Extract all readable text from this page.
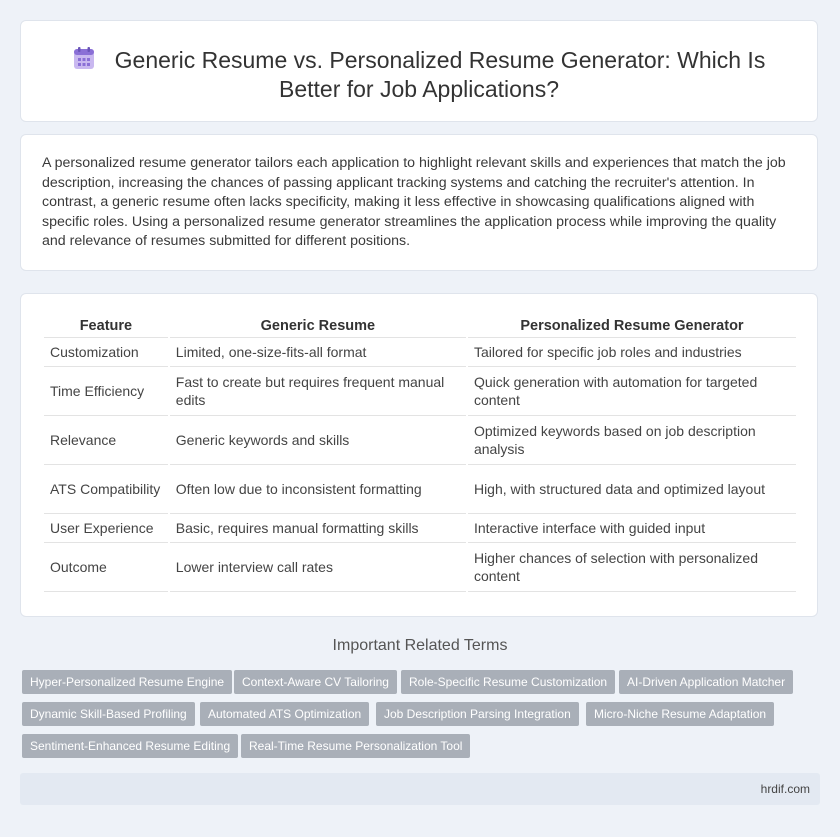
Generic Resume vs. Personalized Resume Generator: Which Is Better for Job Applications?

A personalized resume generator tailors each application to highlight relevant skills and experiences that match the job description, increasing the chances of passing applicant tracking systems and catching the recruiter's attention. In contrast, a generic resume often lacks specificity, making it less effective in showcasing qualifications aligned with specific roles. Using a personalized resume generator streamlines the application process while improving the quality and relevance of resumes submitted for different positions.

Feature	Generic Resume	Personalized Resume Generator
Customization	Limited, one-size-fits-all format	Tailored for specific job roles and industries
Time Efficiency	Fast to create but requires frequent manual edits	Quick generation with automation for targeted content
Relevance	Generic keywords and skills	Optimized keywords based on job description analysis
ATS Compatibility	Often low due to inconsistent formatting	High, with structured data and optimized layout
User Experience	Basic, requires manual formatting skills	Interactive interface with guided input
Outcome	Lower interview call rates	Higher chances of selection with personalized content
Important Related Terms
Hyper-Personalized Resume Engine	Context-Aware CV Tailoring	Role-Specific Resume Customization	AI-Driven Application Matcher
Dynamic Skill-Based Profiling	Automated ATS Optimization	Job Description Parsing Integration	Micro-Niche Resume Adaptation
Sentiment-Enhanced Resume Editing	Real-Time Resume Personalization Tool
hrdif.com
